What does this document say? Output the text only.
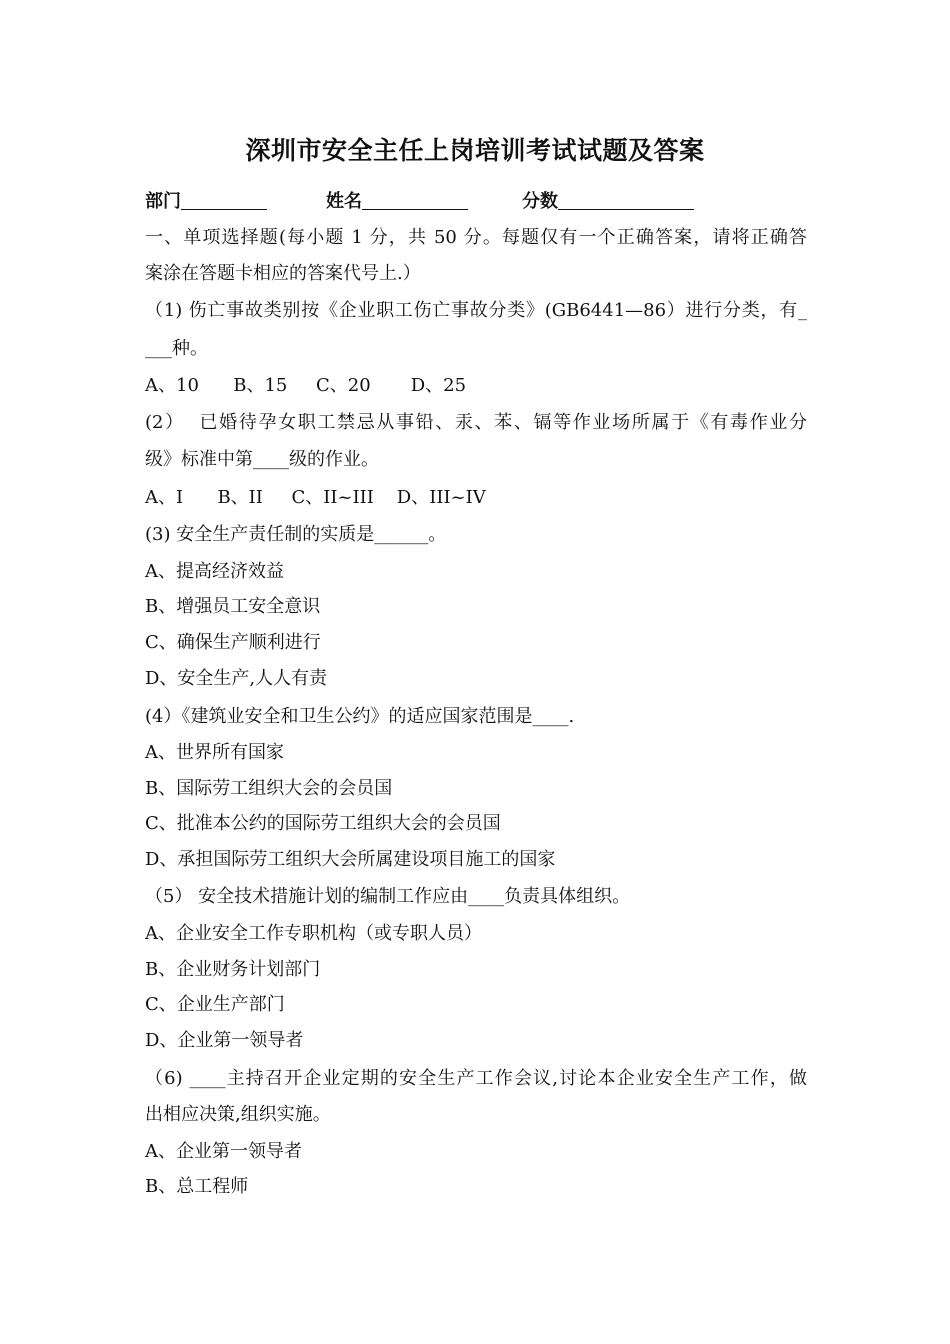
深圳市安全主任上岗培训考试试题及答案
部门	姓名	分数
一、单项选择题(每小题 1 分，共 50 分。每题仅有一个正确答案，请将正确答
案涂在答题卡相应的答案代号上.）
（1) 伤亡事故类别按《企业职工伤亡事故分类》(GB6441—86）进行分类，有_
___种。
A、10      B、15     C、20       D、25
(2）  已婚待孕女职工禁忌从事铅、汞、苯、镉等作业场所属于《有毒作业分
级》标准中第____级的作业。
A、I      B、II     C、II~III    D、III~IV
(3) 安全生产责任制的实质是______。
A、提高经济效益
B、增强员工安全意识
C、确保生产顺利进行
D、安全生产,人人有责
(4）《建筑业安全和卫生公约》的适应国家范围是____.
A、世界所有国家
B、国际劳工组织大会的会员国
C、批准本公约的国际劳工组织大会的会员国
D、承担国际劳工组织大会所属建设项目施工的国家
（5） 安全技术措施计划的编制工作应由____负责具体组织。
A、企业安全工作专职机构（或专职人员）
B、企业财务计划部门
C、企业生产部门
D、企业第一领导者
（6) ____主持召开企业定期的安全生产工作会议,讨论本企业安全生产工作，做
出相应决策,组织实施。
A、企业第一领导者
B、总工程师
